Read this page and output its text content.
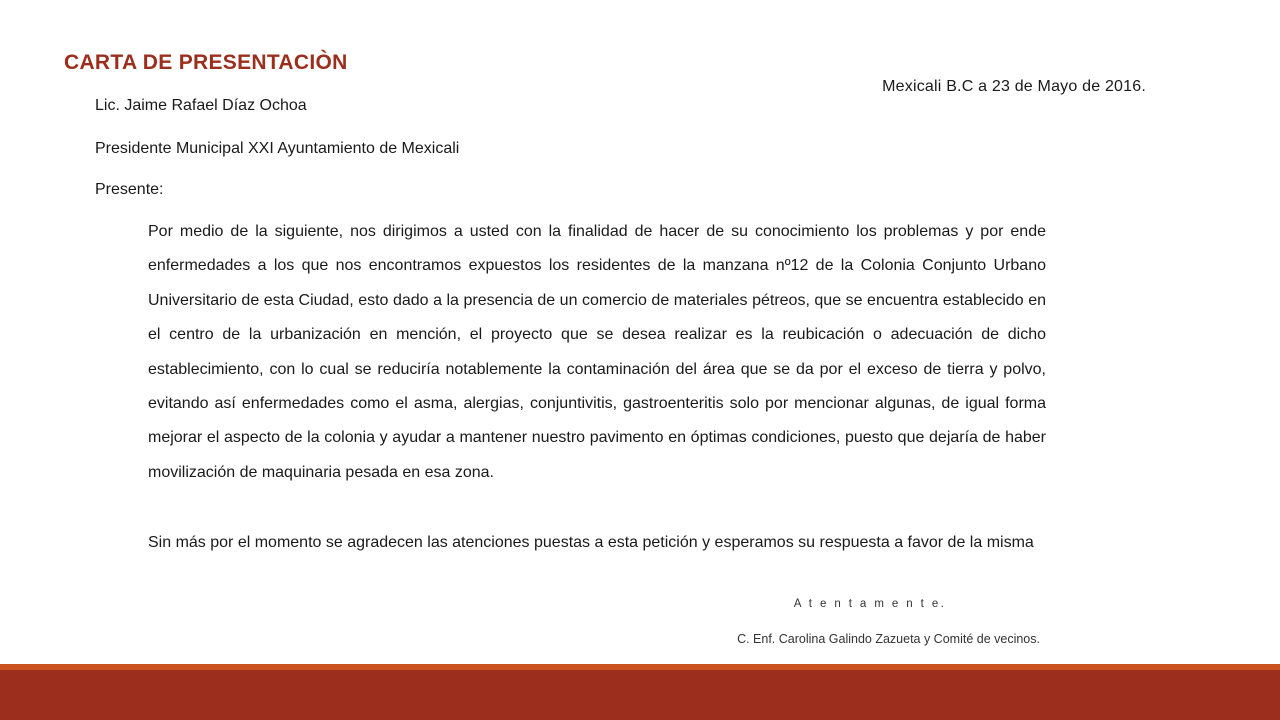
CARTA DE PRESENTACIÒN
Mexicali B.C a 23 de Mayo de 2016.
Lic. Jaime Rafael Díaz Ochoa
Presidente Municipal XXI Ayuntamiento de Mexicali
Presente:

Por medio de la siguiente, nos dirigimos a usted con la finalidad de hacer de su conocimiento los problemas y por ende enfermedades a los que nos encontramos expuestos los residentes de la manzana nº12 de la Colonia Conjunto Urbano Universitario de esta Ciudad, esto dado a la presencia de un comercio de materiales pétreos, que se encuentra establecido en el centro de la urbanización en mención, el proyecto que se desea realizar es la reubicación o adecuación de dicho establecimiento, con lo cual se reduciría notablemente la contaminación del área que se da por el exceso de tierra y polvo, evitando así enfermedades como el asma, alergias, conjuntivitis, gastroenteritis solo por mencionar algunas, de igual forma mejorar el aspecto de la colonia y ayudar a mantener nuestro pavimento en óptimas condiciones, puesto que dejaría de haber movilización de maquinaria pesada en esa zona.

Sin más por el momento se agradecen las atenciones puestas a esta petición y esperamos su respuesta a favor de la misma

A t e n t a m e n t e.
C. Enf. Carolina Galindo Zazueta y Comité de vecinos.
